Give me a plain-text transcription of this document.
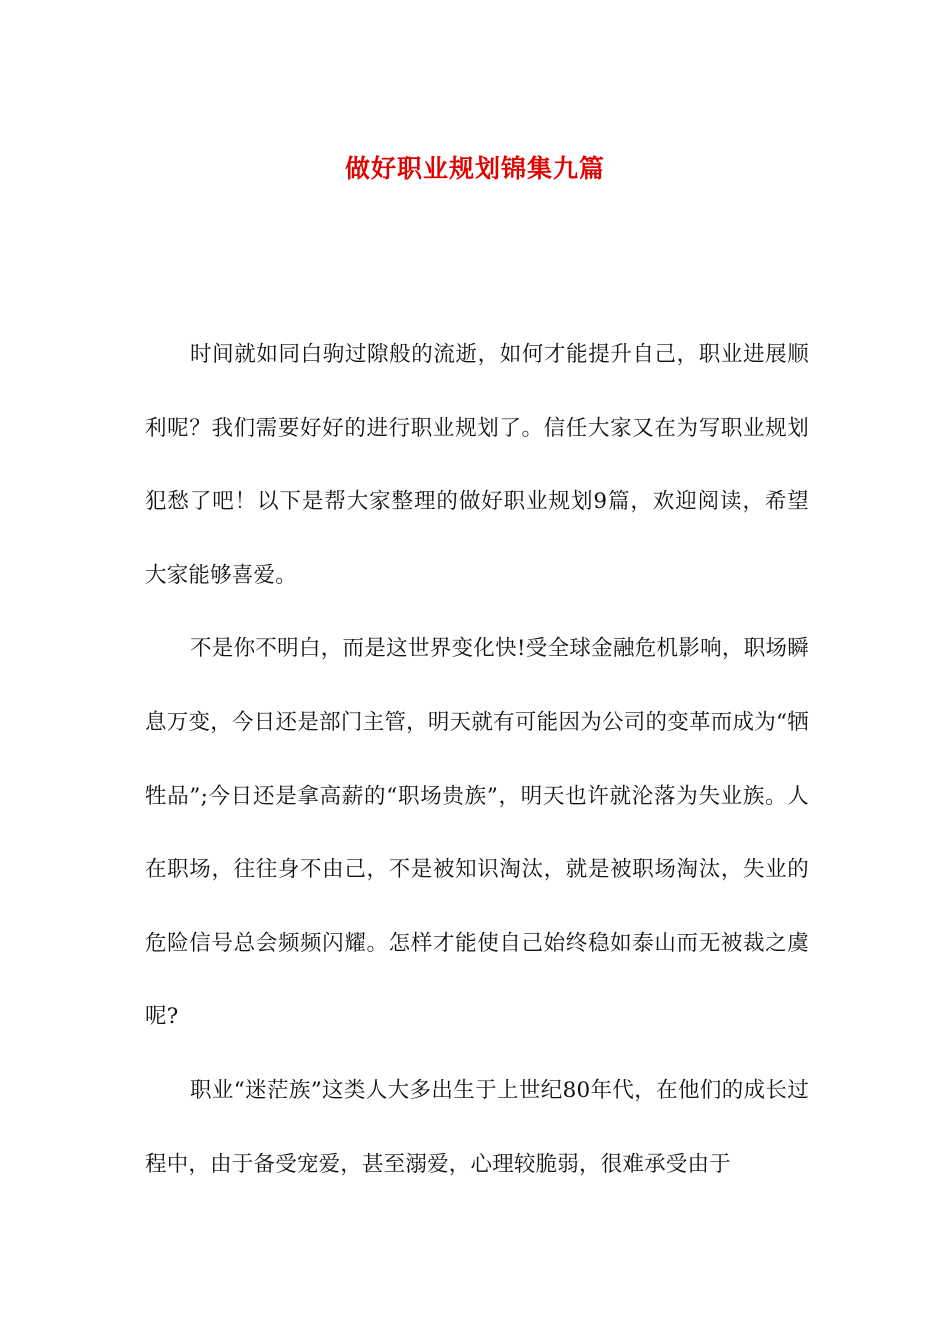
做好职业规划锦集九篇

时间就如同白驹过隙般的流逝，如何才能提升自己，职业进展顺利呢？我们需要好好的进行职业规划了。信任大家又在为写职业规划犯愁了吧！以下是帮大家整理的做好职业规划9篇，欢迎阅读，希望大家能够喜爱。

不是你不明白，而是这世界变化快!受全球金融危机影响，职场瞬息万变，今日还是部门主管，明天就有可能因为公司的变革而成为“牺牲品”;今日还是拿高薪的“职场贵族”，明天也许就沦落为失业族。人在职场，往往身不由己，不是被知识淘汰，就是被职场淘汰，失业的危险信号总会频频闪耀。怎样才能使自己始终稳如泰山而无被裁之虞呢?

职业“迷茫族”这类人大多出生于上世纪80年代，在他们的成长过程中，由于备受宠爱，甚至溺爱，心理较脆弱，很难承受由于
